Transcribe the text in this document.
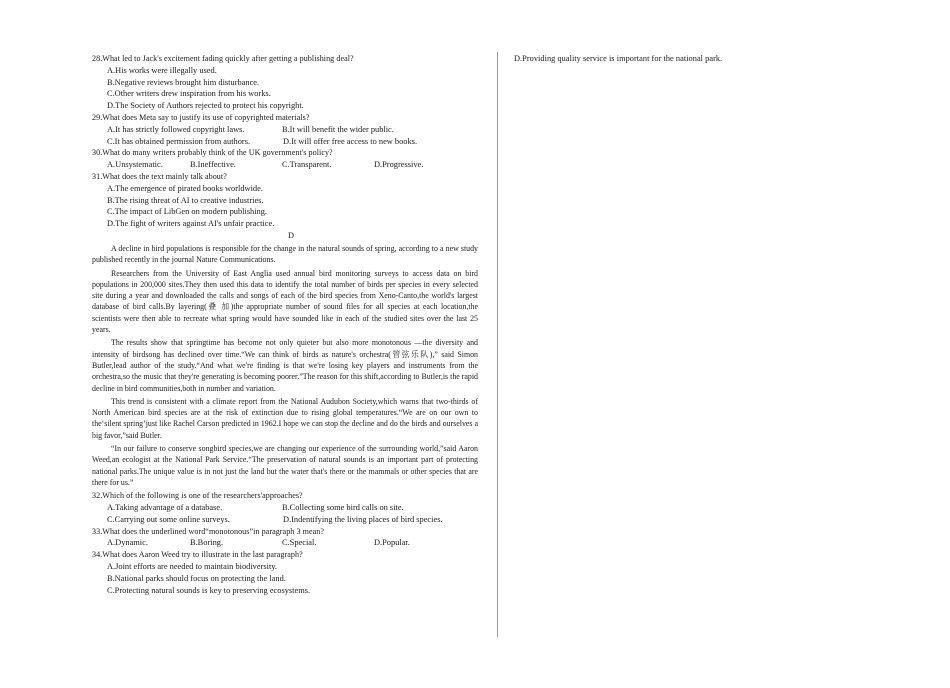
28.What led to Jack's excitement fading quickly after getting a publishing deal?
A.His works were illegally used.
B.Negative reviews brought him disturbance.
C.Other writers drew inspiration from his works.
D.The Society of Authors rejected to protect his copyright.
29.What does Meta say to justify its use of copyrighted materials?
A.It has strictly followed copyright laws.	B.It will benefit the wider public.
C.It has obtained permission from authors.	D.It will offer free access to new books.
30.What do many writers probably think of the UK government's policy?
A.Unsystematic.	B.Ineffective.	C.Transparent.	D.Progressive.
31.What does the text mainly talk about?
A.The emergence of pirated books worldwide.
B.The rising threat of AI to creative industries.
C.The impact of LibGen on modern publishing.
D.The fight of writers against AI's unfair practice.
D
A decline in bird populations is responsible for the change in the natural sounds of spring, according to a new study published recently in the journal Nature Communications.
Researchers from the University of East Anglia used annual bird monitoring surveys to access data on bird populations in 200,000 sites.They then used this data to identify the total number of birds per species in every selected site during a year and downloaded the calls and songs of each of the bird species from Xeno-Canto,the world's largest database of bird calls.By layering(叠 加)the appropriate number of sound files for all species at each location,the scientists were then able to recreate what spring would have sounded like in each of the studied sites over the last 25 years.
The results show that springtime has become not only quieter but also more monotonous —the diversity and intensity of birdsong has declined over time.“We can think of birds as nature's orchestra(管弦乐队),” said Simon Butler,lead author of the study.“And what we're finding is that we're losing key players and instruments from the orchestra,so the music that they're generating is becoming poorer.”The reason for this shift,according to Butler,is the rapid decline in bird communities,both in number and variation.
This trend is consistent with a climate report from the National Audubon Society,which warns that two-thirds of North American bird species are at the risk of extinction due to rising global temperatures.“We are on our own to the‘silent spring’just like Rachel Carson predicted in 1962.I hope we can stop the decline and do the birds and ourselves a big favor,”said Butler.
“In our failure to conserve songbird species,we are changing our experience of the surrounding world,”said Aaron Weed,an ecologist at the National Park Service.“The preservation of natural sounds is an important part of protecting national parks.The unique value is in not just the land but the water that's there or the mammals or other species that are there for us.”
32.Which of the following is one of the researchers'approaches?
A.Taking advantage of a database.	B.Collecting some bird calls on site.
C.Carrying out some online surveys.	D.Indentifying the living places of bird species.
33.What does the underlined word“monotonous”in paragraph 3 mean?
A.Dynamic.	B.Boring.	C.Special.	D.Popular.
34.What does Aaron Weed try to illustrate in the last paragraph?
A.Joint efforts are needed to maintain biodiversity.
B.National parks should focus on protecting the land.
C.Protecting natural sounds is key to preserving ecosystems.
D.Providing quality service is important for the national park.
